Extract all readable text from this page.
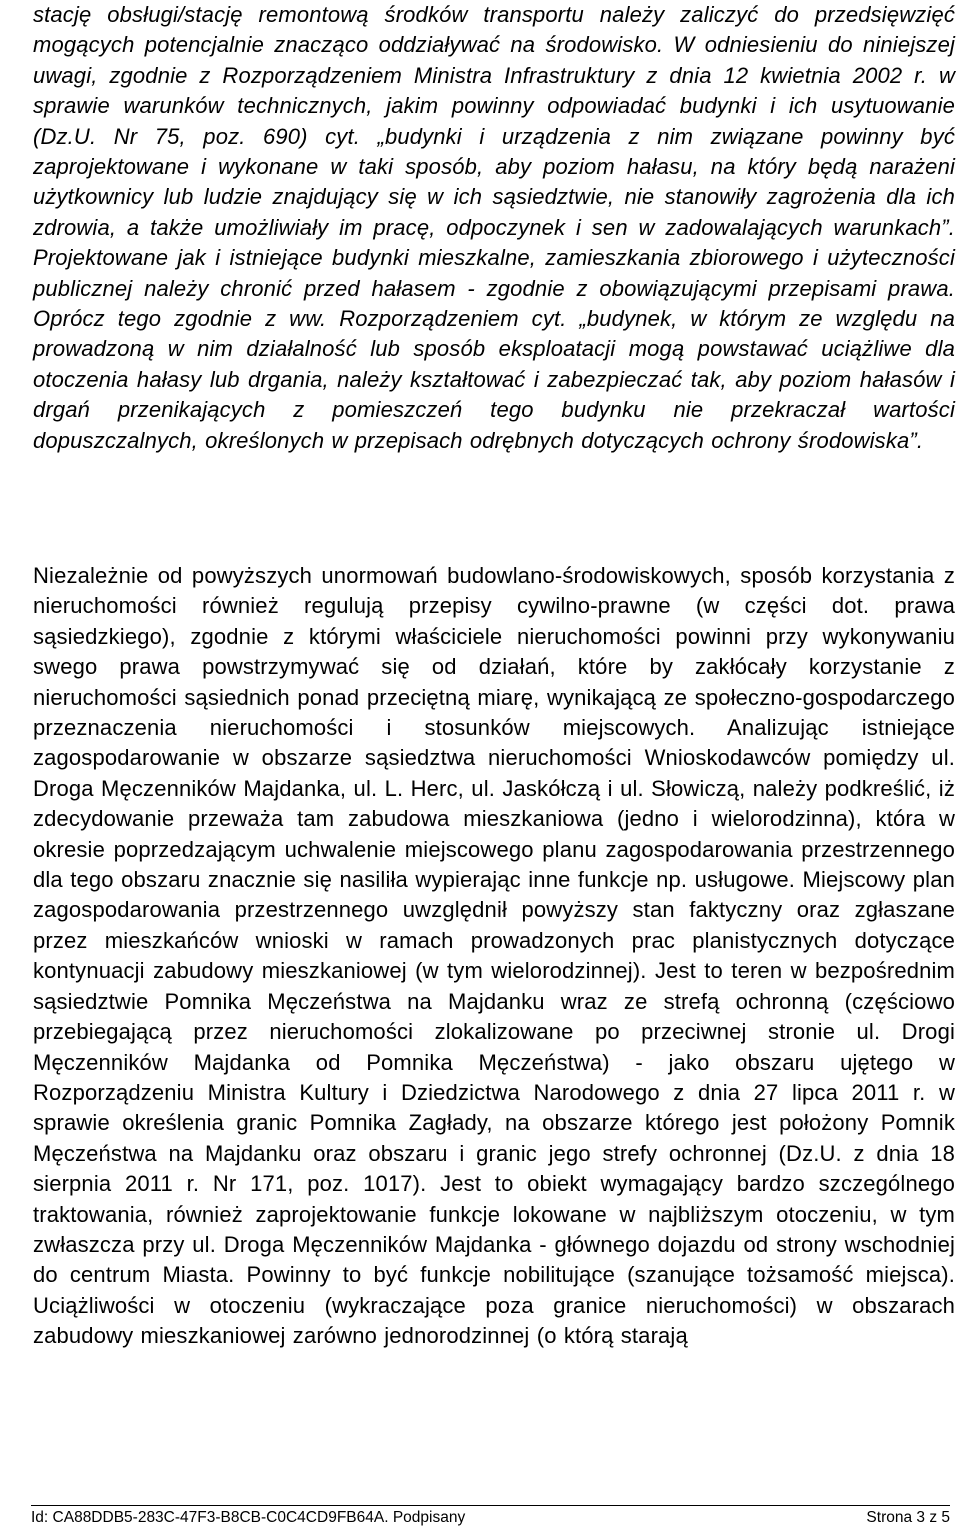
stację obsługi/stację remontową środków transportu należy zaliczyć do przedsięwzięć mogących potencjalnie znacząco oddziaływać na środowisko. W odniesieniu do niniejszej uwagi, zgodnie z Rozporządzeniem Ministra Infrastruktury z dnia 12 kwietnia 2002 r. w sprawie warunków technicznych, jakim powinny odpowiadać budynki i ich usytuowanie (Dz.U. Nr 75, poz. 690) cyt. „budynki i urządzenia z nim związane powinny być zaprojektowane i wykonane w taki sposób, aby poziom hałasu, na który będą narażeni użytkownicy lub ludzie znajdujący się w ich sąsiedztwie, nie stanowiły zagrożenia dla ich zdrowia, a także umożliwiały im pracę, odpoczynek i sen w zadowalających warunkach”. Projektowane jak i istniejące budynki mieszkalne, zamieszkania zbiorowego i użyteczności publicznej należy chronić przed hałasem - zgodnie z obowiązującymi przepisami prawa. Oprócz tego zgodnie z ww. Rozporządzeniem cyt. „budynek, w którym ze względu na prowadzoną w nim działalność lub sposób eksploatacji mogą powstawać uciążliwe dla otoczenia hałasy lub drgania, należy kształtować i zabezpieczać tak, aby poziom hałasów i drgań przenikających z pomieszczeń tego budynku nie przekraczał wartości dopuszczalnych, określonych w przepisach odrębnych dotyczących ochrony środowiska”.

Niezależnie od powyższych unormowań budowlano-środowiskowych, sposób korzystania z nieruchomości również regulują przepisy cywilno-prawne (w części dot. prawa sąsiedzkiego), zgodnie z którymi właściciele nieruchomości powinni przy wykonywaniu swego prawa powstrzymywać się od działań, które by zakłócały korzystanie z nieruchomości sąsiednich ponad przeciętną miarę, wynikającą ze społeczno-gospodarczego przeznaczenia nieruchomości i stosunków miejscowych. Analizując istniejące zagospodarowanie w obszarze sąsiedztwa nieruchomości Wnioskodawców pomiędzy ul. Droga Męczenników Majdanka, ul. L. Herc, ul. Jaskółczą i ul. Słowiczą, należy podkreślić, iż zdecydowanie przeważa tam zabudowa mieszkaniowa (jedno i wielorodzinna), która w okresie poprzedzającym uchwalenie miejscowego planu zagospodarowania przestrzennego dla tego obszaru znacznie się nasiliła wypierając inne funkcje np. usługowe. Miejscowy plan zagospodarowania przestrzennego uwzględnił powyższy stan faktyczny oraz zgłaszane przez mieszkańców wnioski w ramach prowadzonych prac planistycznych dotyczące kontynuacji zabudowy mieszkaniowej (w tym wielorodzinnej). Jest to teren w bezpośrednim sąsiedztwie Pomnika Męczeństwa na Majdanku wraz ze strefą ochronną (częściowo przebiegającą przez nieruchomości zlokalizowane po przeciwnej stronie ul. Drogi Męczenników Majdanka od Pomnika Męczeństwa) - jako obszaru ujętego w Rozporządzeniu Ministra Kultury i Dziedzictwa Narodowego z dnia 27 lipca 2011 r. w sprawie określenia granic Pomnika Zagłady, na obszarze którego jest położony Pomnik Męczeństwa na Majdanku oraz obszaru i granic jego strefy ochronnej (Dz.U. z dnia 18 sierpnia 2011 r. Nr 171, poz. 1017). Jest to obiekt wymagający bardzo szczególnego traktowania, również zaprojektowanie funkcje lokowane w najbliższym otoczeniu, w tym zwłaszcza przy ul. Droga Męczenników Majdanka - głównego dojazdu od strony wschodniej do centrum Miasta. Powinny to być funkcje nobilitujące (szanujące tożsamość miejsca). Uciążliwości w otoczeniu (wykraczające poza granice nieruchomości) w obszarach zabudowy mieszkaniowej zarówno jednorodzinnej (o którą starają

Id: CA88DDB5-283C-47F3-B8CB-C0C4CD9FB64A. Podpisany	Strona 3 z 5
